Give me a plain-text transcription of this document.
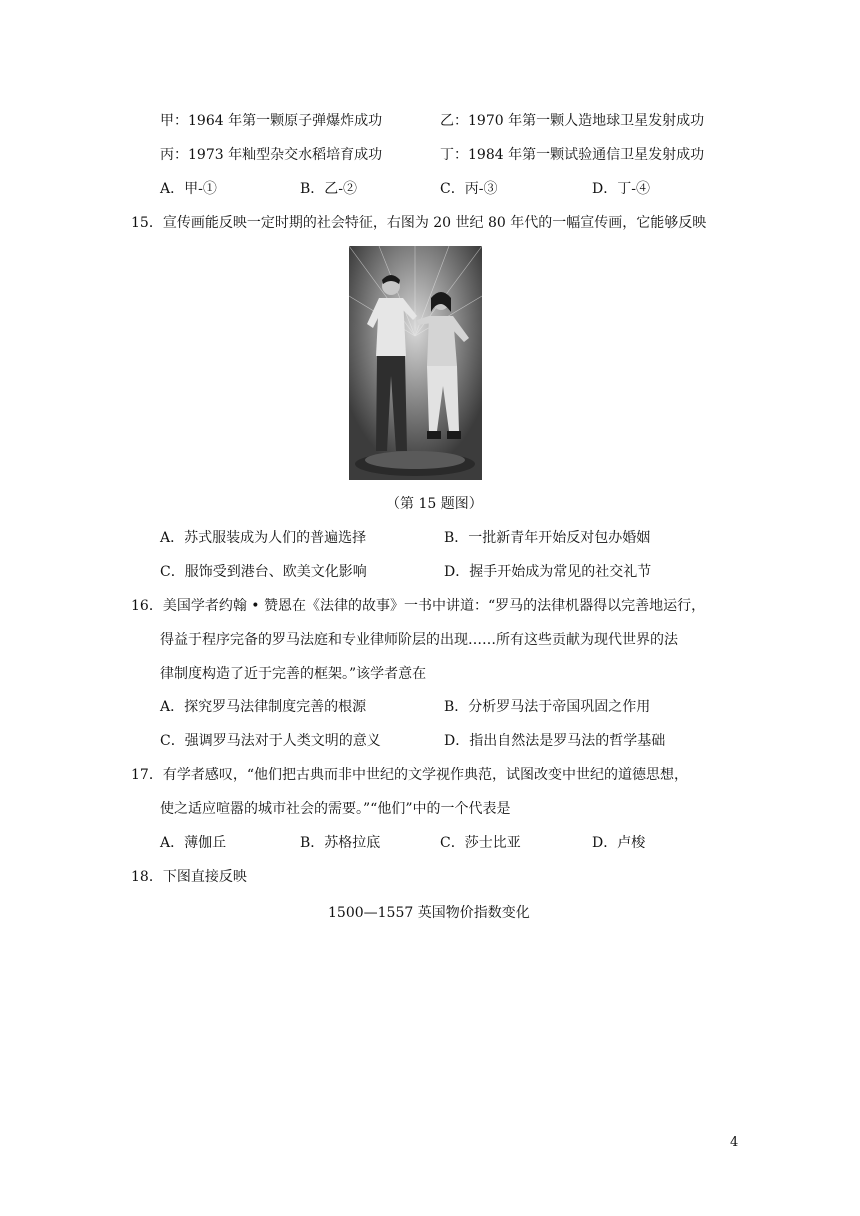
甲：1964 年第一颗原子弹爆炸成功	乙：1970 年第一颗人造地球卫星发射成功
丙：1973 年籼型杂交水稻培育成功	丁：1984 年第一颗试验通信卫星发射成功
A．甲-①	B．乙-②	C．丙-③	D．丁-④
15．宣传画能反映一定时期的社会特征，右图为 20 世纪 80 年代的一幅宣传画，它能够反映
（第 15 题图）
A．苏式服装成为人们的普遍选择	B．一批新青年开始反对包办婚姻
C．服饰受到港台、欧美文化影响	D．握手开始成为常见的社交礼节
16．美国学者约翰 • 赞恩在《法律的故事》一书中讲道：“罗马的法律机器得以完善地运行，
得益于程序完备的罗马法庭和专业律师阶层的出现……所有这些贡献为现代世界的法
律制度构造了近于完善的框架。”该学者意在
A．探究罗马法律制度完善的根源	B．分析罗马法于帝国巩固之作用
C．强调罗马法对于人类文明的意义	D．指出自然法是罗马法的哲学基础
17．有学者感叹，“他们把古典而非中世纪的文学视作典范，试图改变中世纪的道德思想，
使之适应喧嚣的城市社会的需要。”“他们”中的一个代表是
A．薄伽丘	B．苏格拉底	C．莎士比亚	D．卢梭
18．下图直接反映
1500—1557 英国物价指数变化
4
